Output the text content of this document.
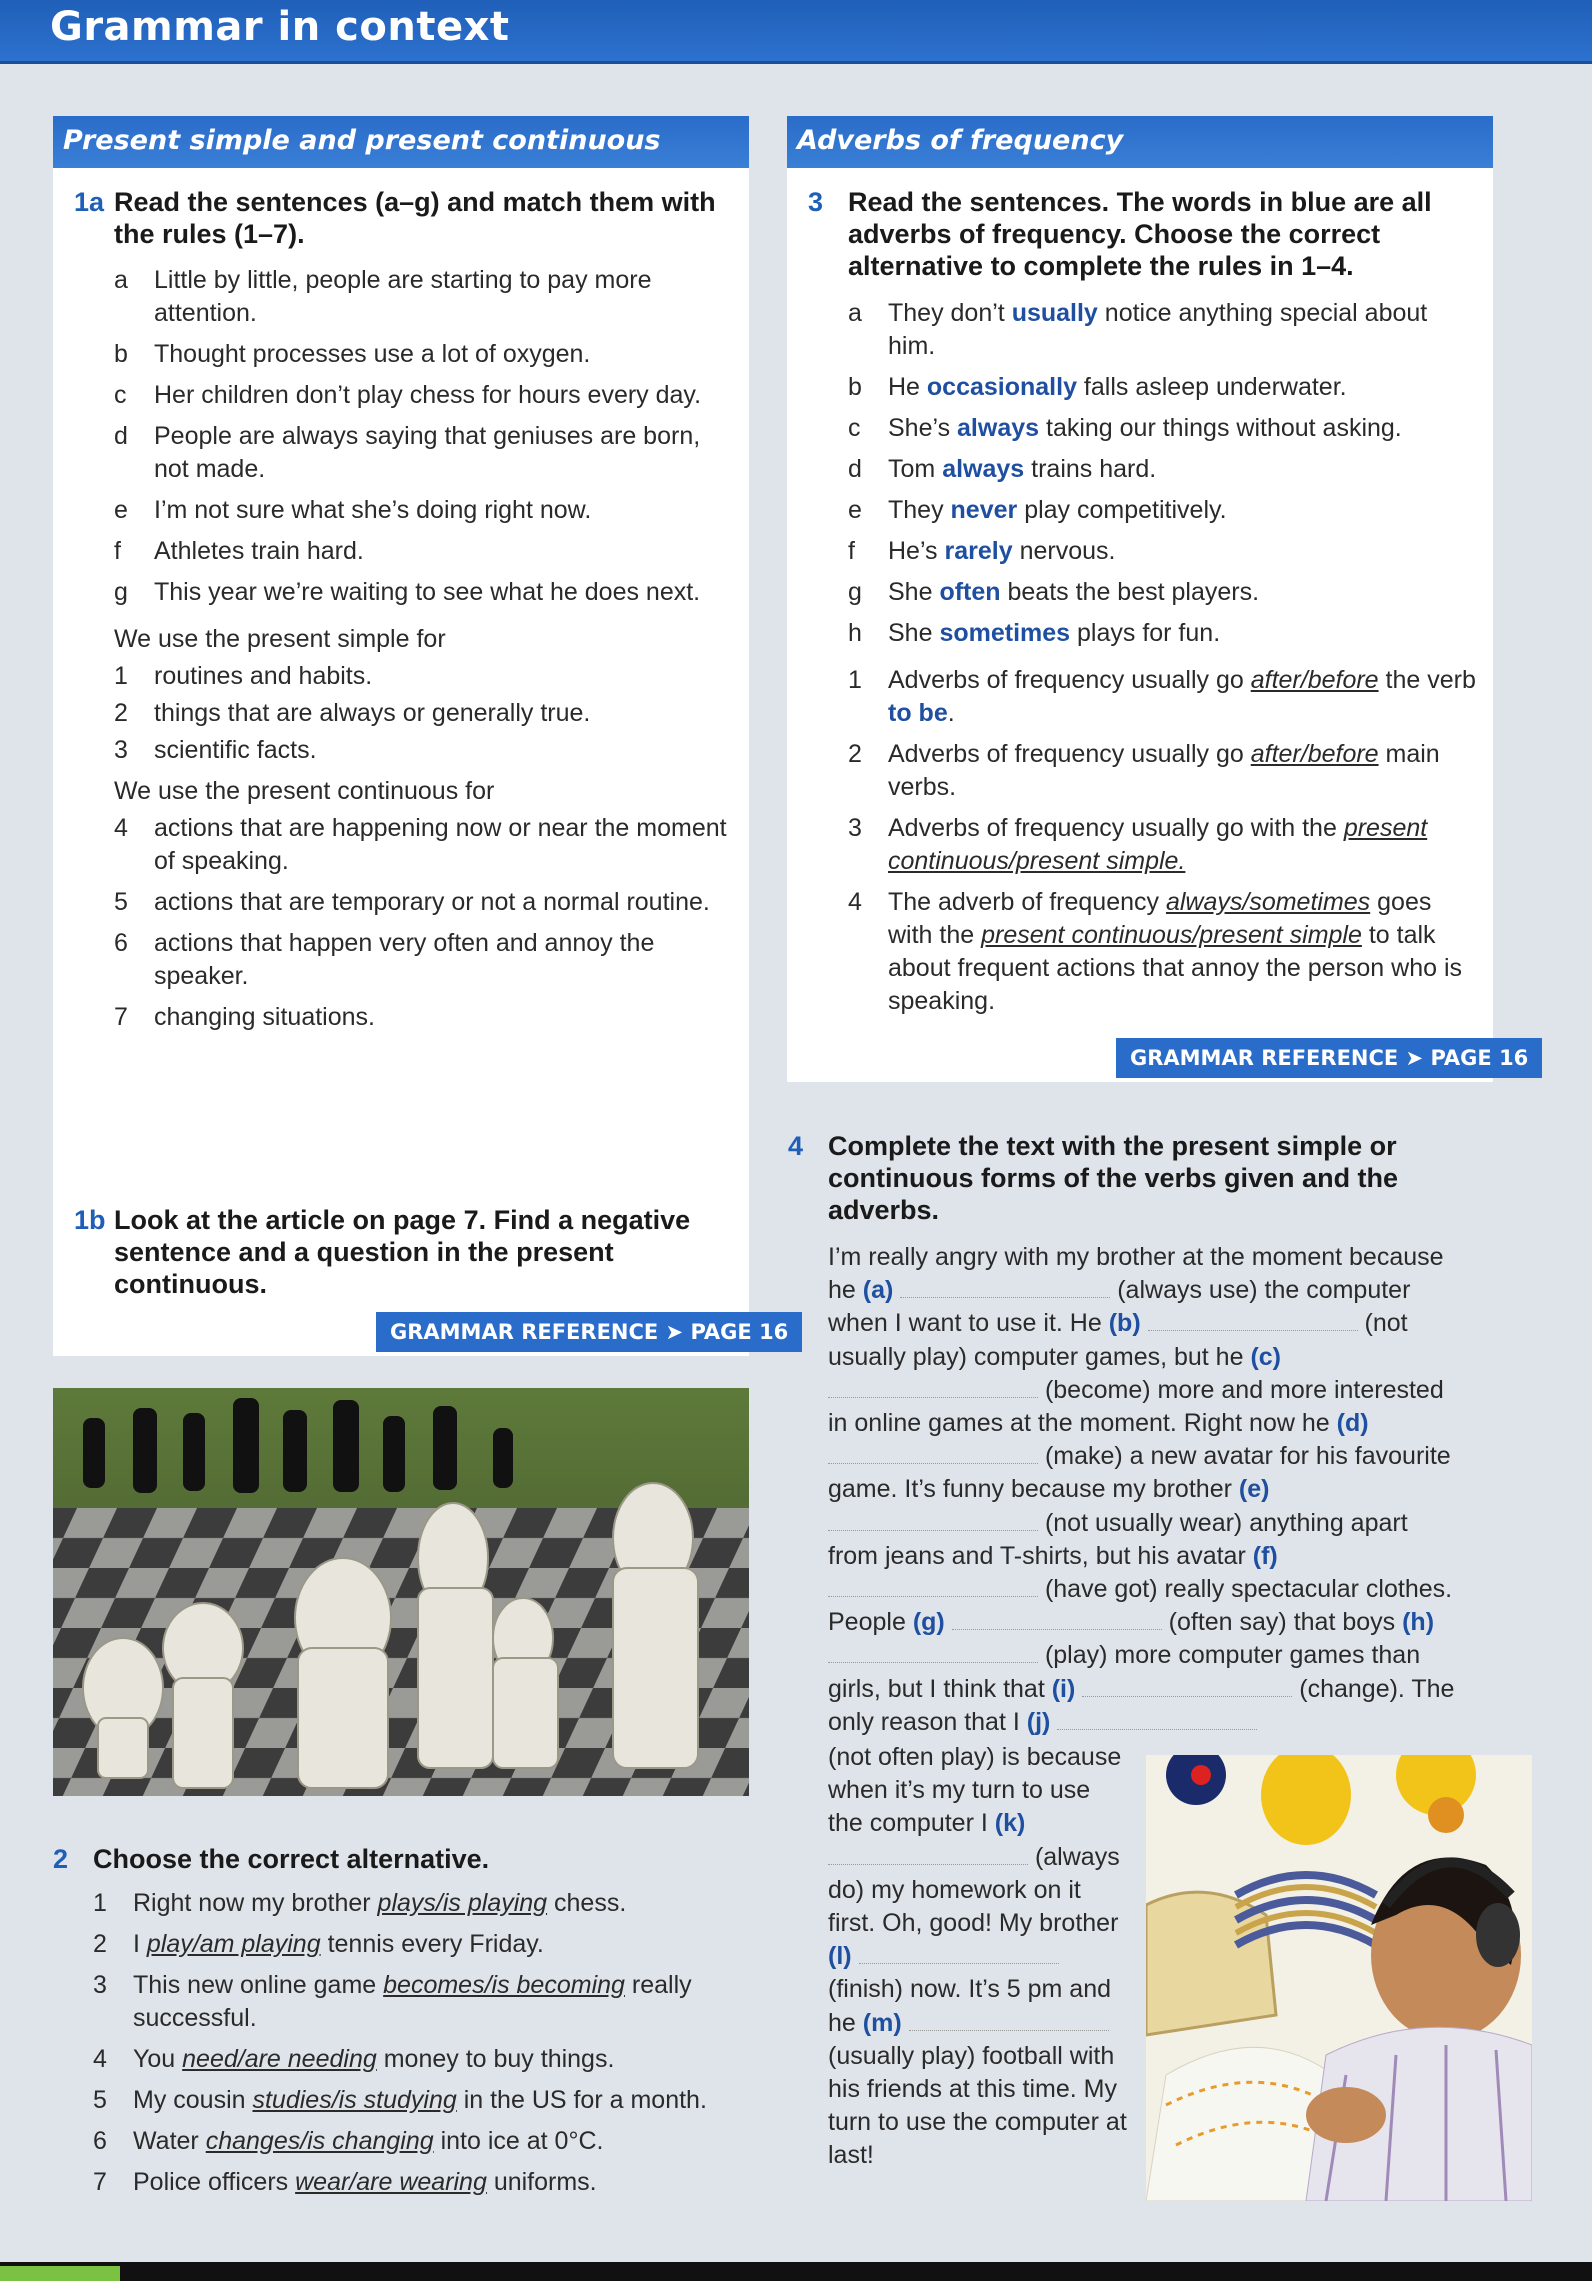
Grammar in context
Present simple and present continuous
1a Read the sentences (a–g) and match them with the rules (1–7).
a	Little by little, people are starting to pay more attention.
b	Thought processes use a lot of oxygen.
c	Her children don’t play chess for hours every day.
d	People are always saying that geniuses are born, not made.
e	I’m not sure what she’s doing right now.
f	Athletes train hard.
g	This year we’re waiting to see what he does next.
We use the present simple for
1	routines and habits.
2	things that are always or generally true.
3	scientific facts.
We use the present continuous for
4	actions that are happening now or near the moment of speaking.
5	actions that are temporary or not a normal routine.
6	actions that happen very often and annoy the speaker.
7	changing situations.
1b Look at the article on page 7. Find a negative sentence and a question in the present continuous.
GRAMMAR REFERENCE ➤ PAGE 16
2 Choose the correct alternative.
1	Right now my brother plays/is playing chess.
2	I play/am playing tennis every Friday.
3	This new online game becomes/is becoming really successful.
4	You need/are needing money to buy things.
5	My cousin studies/is studying in the US for a month.
6	Water changes/is changing into ice at 0°C.
7	Police officers wear/are wearing uniforms.
Adverbs of frequency
3 Read the sentences. The words in blue are all adverbs of frequency. Choose the correct alternative to complete the rules in 1–4.
a	They don’t usually notice anything special about him.
b	He occasionally falls asleep underwater.
c	She’s always taking our things without asking.
d	Tom always trains hard.
e	They never play competitively.
f	He’s rarely nervous.
g	She often beats the best players.
h	She sometimes plays for fun.
1	Adverbs of frequency usually go after/before the verb to be.
2	Adverbs of frequency usually go after/before main verbs.
3	Adverbs of frequency usually go with the present continuous/present simple.
4	The adverb of frequency always/sometimes goes with the present continuous/present simple to talk about frequent actions that annoy the person who is speaking.
GRAMMAR REFERENCE ➤ PAGE 16
4 Complete the text with the present simple or continuous forms of the verbs given and the adverbs.
I’m really angry with my brother at the moment because he (a)	(always use) the computer when I want to use it. He (b)	(not usually play) computer games, but he (c)  (become) more and more interested in online games at the moment. Right now he (d)  (make) a new avatar for his favourite game. It’s funny because my brother (e)  (not usually wear) anything apart from jeans and T-shirts, but his avatar (f)  (have got) really spectacular clothes. People (g)	(often say) that boys (h)  (play) more computer games than girls, but I think that (i)	(change). The only reason that I (j)
(not often play) is because when it’s my turn to use the computer I (k)  (always do) my homework on it first. Oh, good! My brother (l)  (finish) now. It’s 5 pm and he (m)  (usually play) football with his friends at this time. My turn to use the computer at last!
